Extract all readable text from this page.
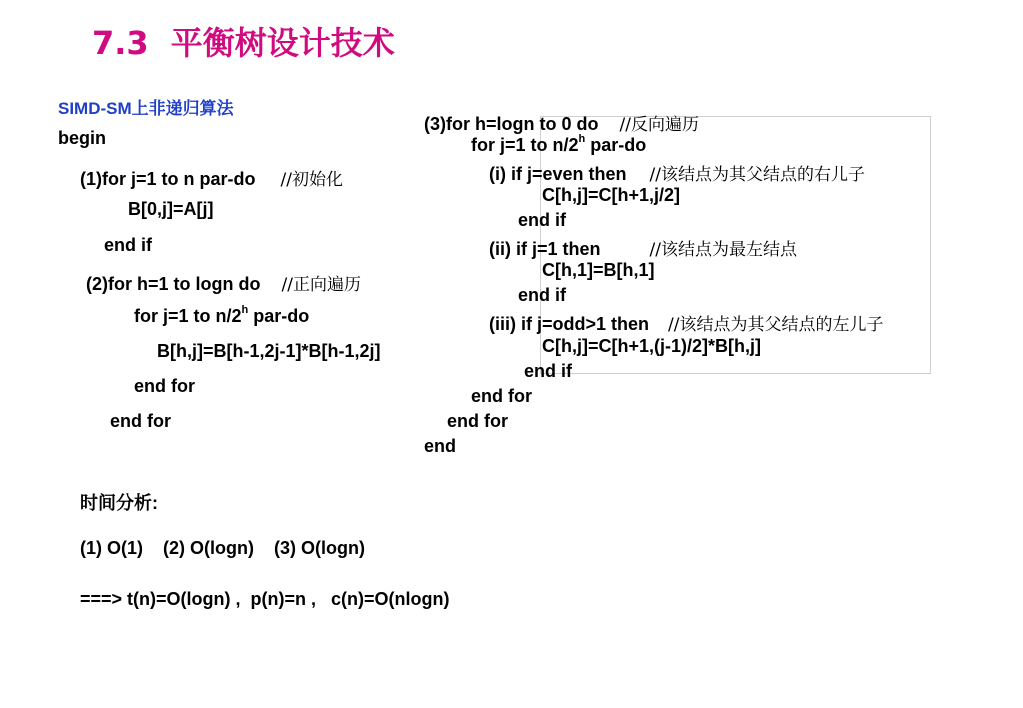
7.3 平衡树设计技术
SIMD-SM上非递归算法
begin
(1)for j=1 to n par-do //初始化
B[0,j]=A[j]
end if
(2)for h=1 to logn do //正向遍历
for j=1 to n/2$^h$ par-do
B[h,j]=B[h-1,2j-1]*B[h-1,2j]
end for
end for
(3)for h=logn to 0 do //反向遍历
for j=1 to n/2$^h$ par-do
(i) if j=even then //该结点为其父结点的右儿子
C[h,j]=C[h+1,j/2]
end if
(ii) if j=1 then	//该结点为最左结点
C[h,1]=B[h,1]
end if
(iii) if j=odd>1 then //该结点为其父结点的左儿子
C[h,j]=C[h+1,(j-1)/2]*B[h,j]
end if
end for
end for
end
时间分析:
(1) O(1)    (2) O(logn)    (3) O(logn)
===> t(n)=O(logn) ,  p(n)=n ,   c(n)=O(nlogn)
